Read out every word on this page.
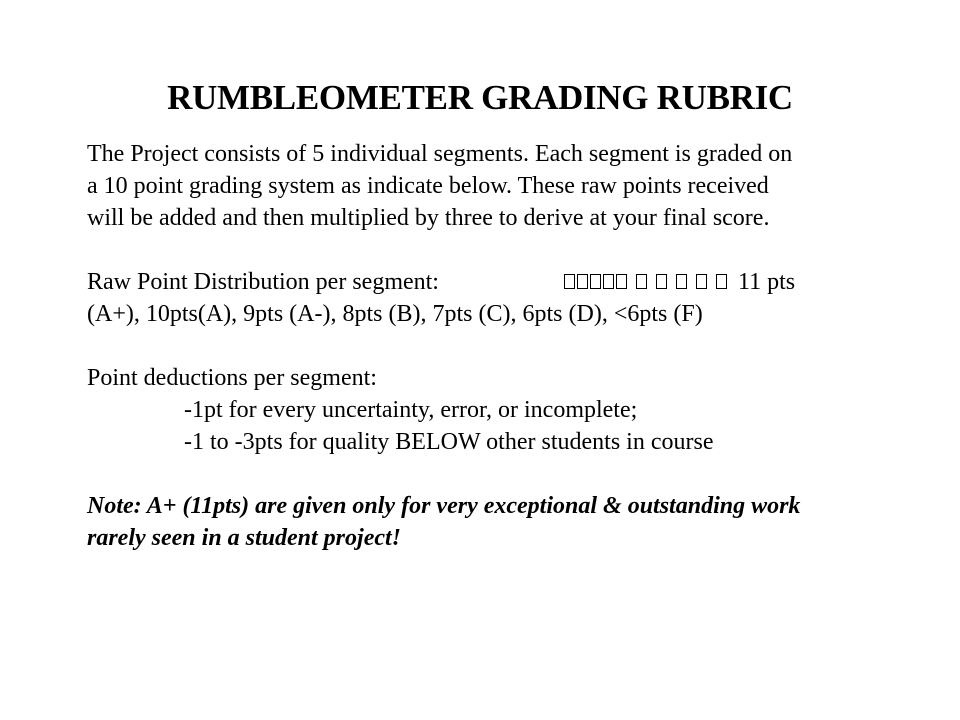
RUMBLEOMETER GRADING RUBRIC
The Project consists of 5 individual segments. Each segment is graded on
a 10 point grading system as indicate below. These raw points received
will be added and then multiplied by three to derive at your final score.
Raw Point Distribution per segment:	11 pts
(A+), 10pts(A), 9pts (A-), 8pts (B), 7pts (C), 6pts (D), <6pts (F)
Point deductions per segment:
-1pt for every uncertainty, error, or incomplete;
-1 to -3pts for quality BELOW other students in course
Note: A+ (11pts) are given only for very exceptional & outstanding work
rarely seen in a student project!
